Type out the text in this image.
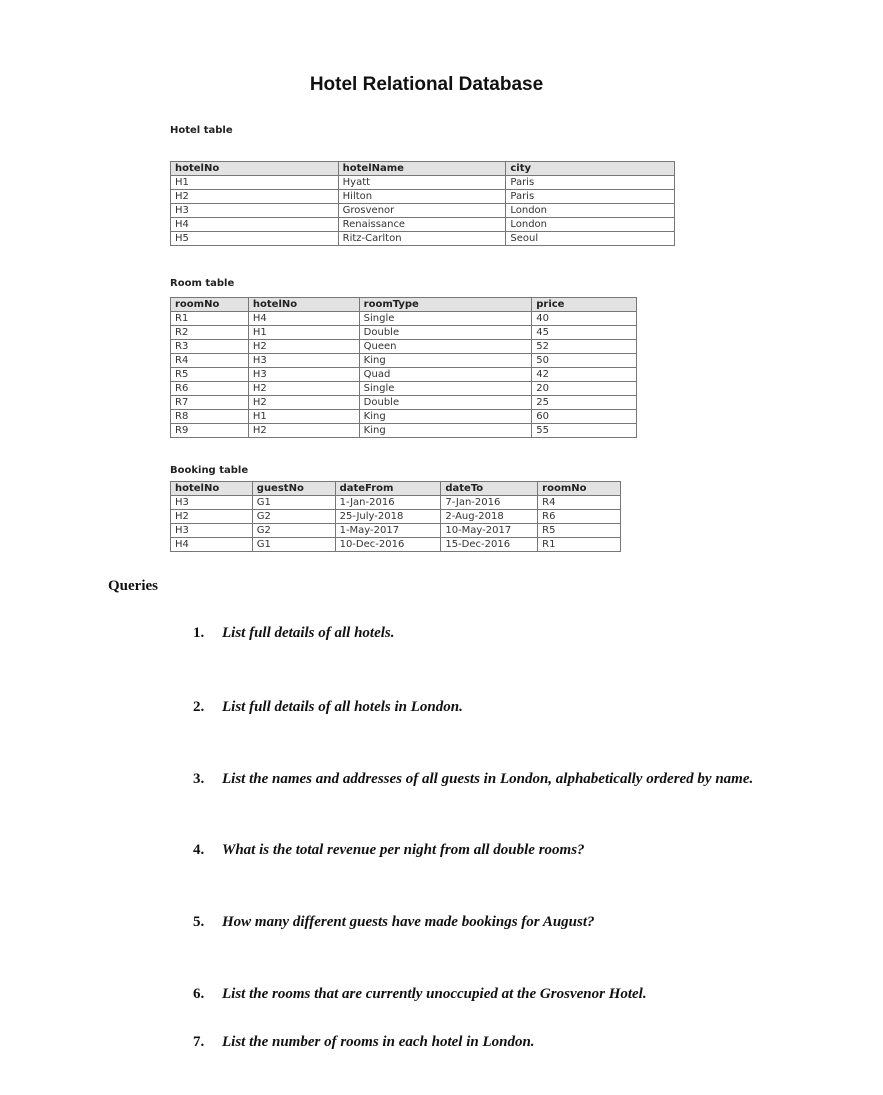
Hotel Relational Database
Hotel table
hotelNo	hotelName	city
H1	Hyatt	Paris
H2	Hilton	Paris
H3	Grosvenor	London
H4	Renaissance	London
H5	Ritz-Carlton	Seoul
Room table
roomNo	hotelNo	roomType	price
R1	H4	Single	40
R2	H1	Double	45
R3	H2	Queen	52
R4	H3	King	50
R5	H3	Quad	42
R6	H2	Single	20
R7	H2	Double	25
R8	H1	King	60
R9	H2	King	55
Booking table
hotelNo	guestNo	dateFrom	dateTo	roomNo
H3	G1	1-Jan-2016	7-Jan-2016	R4
H2	G2	25-July-2018	2-Aug-2018	R6
H3	G2	1-May-2017	10-May-2017	R5
H4	G1	10-Dec-2016	15-Dec-2016	R1
Queries
1. List full details of all hotels.
2. List full details of all hotels in London.
3. List the names and addresses of all guests in London, alphabetically ordered by name.
4. What is the total revenue per night from all double rooms?
5. How many different guests have made bookings for August?
6. List the rooms that are currently unoccupied at the Grosvenor Hotel.
7. List the number of rooms in each hotel in London.
